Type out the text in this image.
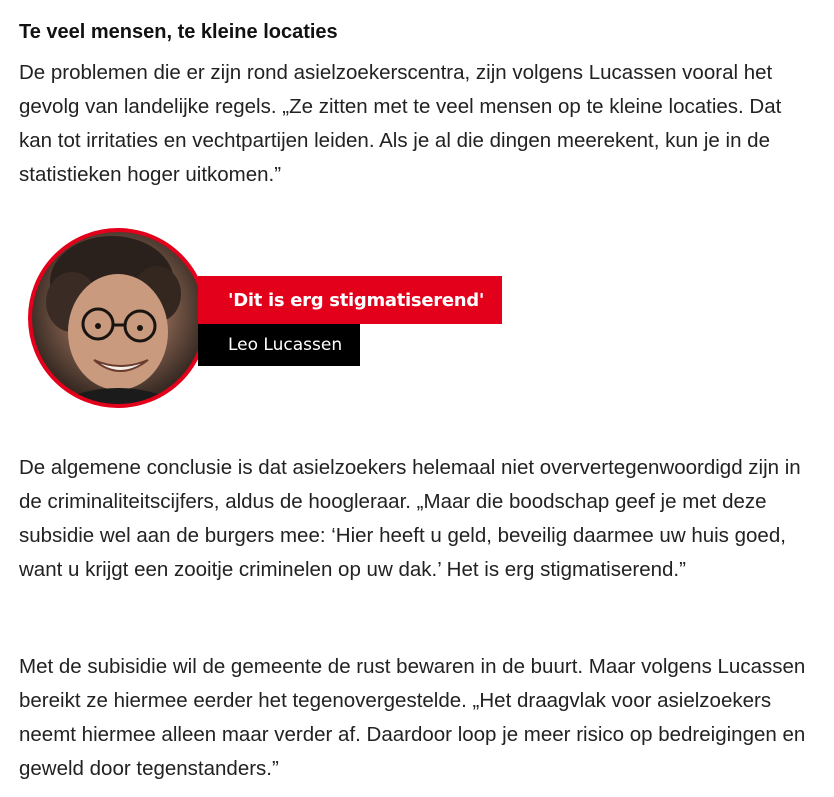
Te veel mensen, te kleine locaties

De problemen die er zijn rond asielzoekerscentra, zijn volgens Lucassen vooral het gevolg van landelijke regels. „Ze zitten met te veel mensen op te kleine locaties. Dat kan tot irritaties en vechtpartijen leiden. Als je al die dingen meerekent, kun je in de statistieken hoger uitkomen.”

'Dit is erg stigmatiserend'
Leo Lucassen

De algemene conclusie is dat asielzoekers helemaal niet oververtegenwoordigd zijn in de criminaliteitscijfers, aldus de hoogleraar. „Maar die boodschap geef je met deze subsidie wel aan de burgers mee: ‘Hier heeft u geld, beveilig daarmee uw huis goed, want u krijgt een zooitje criminelen op uw dak.’ Het is erg stigmatiserend.”

Met de subisidie wil de gemeente de rust bewaren in de buurt. Maar volgens Lucassen bereikt ze hiermee eerder het tegenovergestelde. „Het draagvlak voor asielzoekers neemt hiermee alleen maar verder af. Daardoor loop je meer risico op bedreigingen en geweld door tegenstanders.”
